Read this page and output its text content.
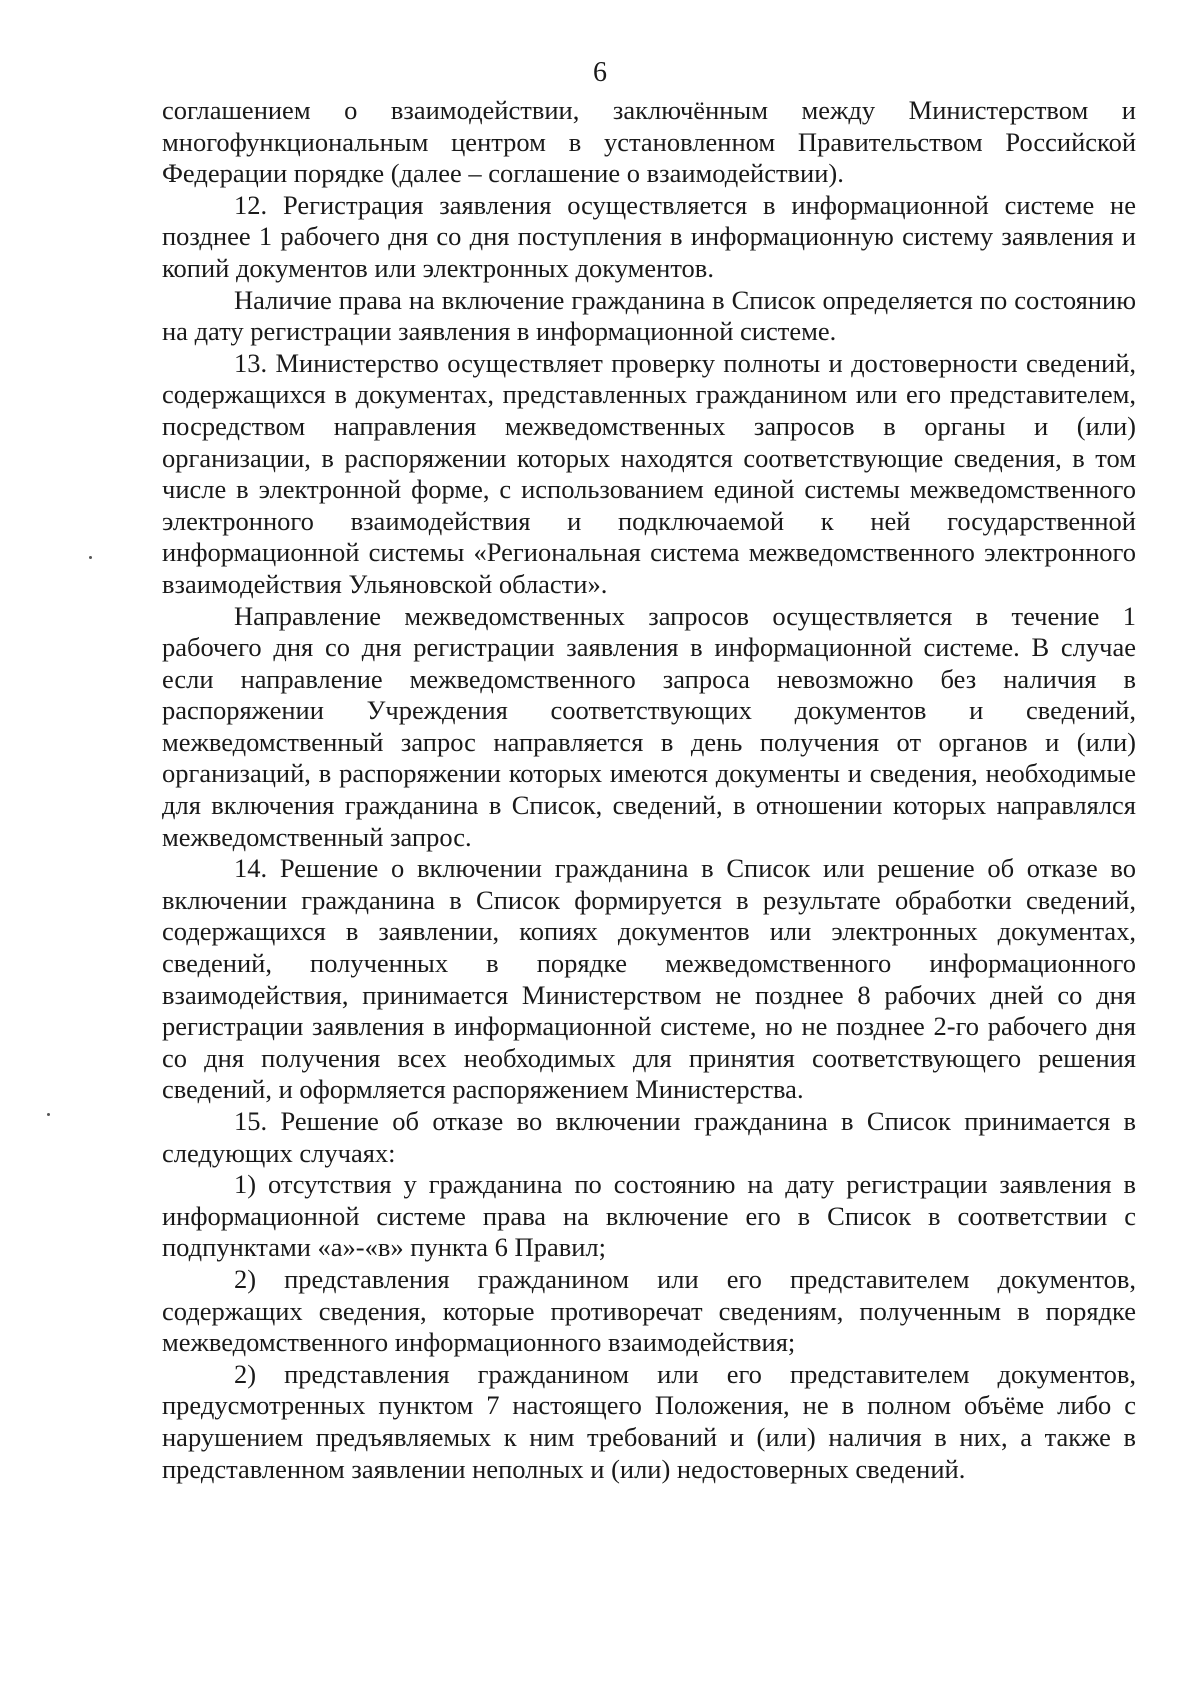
6

соглашением о взаимодействии, заключённым между Министерством и многофункциональным центром в установленном Правительством Российской Федерации порядке (далее – соглашение о взаимодействии).

12. Регистрация заявления осуществляется в информационной системе не позднее 1 рабочего дня со дня поступления в информационную систему заявления и копий документов или электронных документов.

Наличие права на включение гражданина в Список определяется по состоянию на дату регистрации заявления в информационной системе.

13. Министерство осуществляет проверку полноты и достоверности сведений, содержащихся в документах, представленных гражданином или его представителем, посредством направления межведомственных запросов в органы и (или) организации, в распоряжении которых находятся соответствующие сведения, в том числе в электронной форме, с использованием единой системы межведомственного электронного взаимодействия и подключаемой к ней государственной информационной системы «Региональная система межведомственного электронного взаимодействия Ульяновской области».

Направление межведомственных запросов осуществляется в течение 1 рабочего дня со дня регистрации заявления в информационной системе. В случае если направление межведомственного запроса невозможно без наличия в распоряжении Учреждения соответствующих документов и сведений, межведомственный запрос направляется в день получения от органов и (или) организаций, в распоряжении которых имеются документы и сведения, необходимые для включения гражданина в Список, сведений, в отношении которых направлялся межведомственный запрос.

14. Решение о включении гражданина в Список или решение об отказе во включении гражданина в Список формируется в результате обработки сведений, содержащихся в заявлении, копиях документов или электронных документах, сведений, полученных в порядке межведомственного информационного взаимодействия, принимается Министерством не позднее 8 рабочих дней со дня регистрации заявления в информационной системе, но не позднее 2-го рабочего дня со дня получения всех необходимых для принятия соответствующего решения сведений, и оформляется распоряжением Министерства.

15. Решение об отказе во включении гражданина в Список принимается в следующих случаях:

1) отсутствия у гражданина по состоянию на дату регистрации заявления в информационной системе права на включение его в Список в соответствии с подпунктами «а»-«в» пункта 6 Правил;

2) представления гражданином или его представителем документов, содержащих сведения, которые противоречат сведениям, полученным в порядке межведомственного информационного взаимодействия;

2) представления гражданином или его представителем документов, предусмотренных пунктом 7 настоящего Положения, не в полном объёме либо с нарушением предъявляемых к ним требований и (или) наличия в них, а также в представленном заявлении неполных и (или) недостоверных сведений.
